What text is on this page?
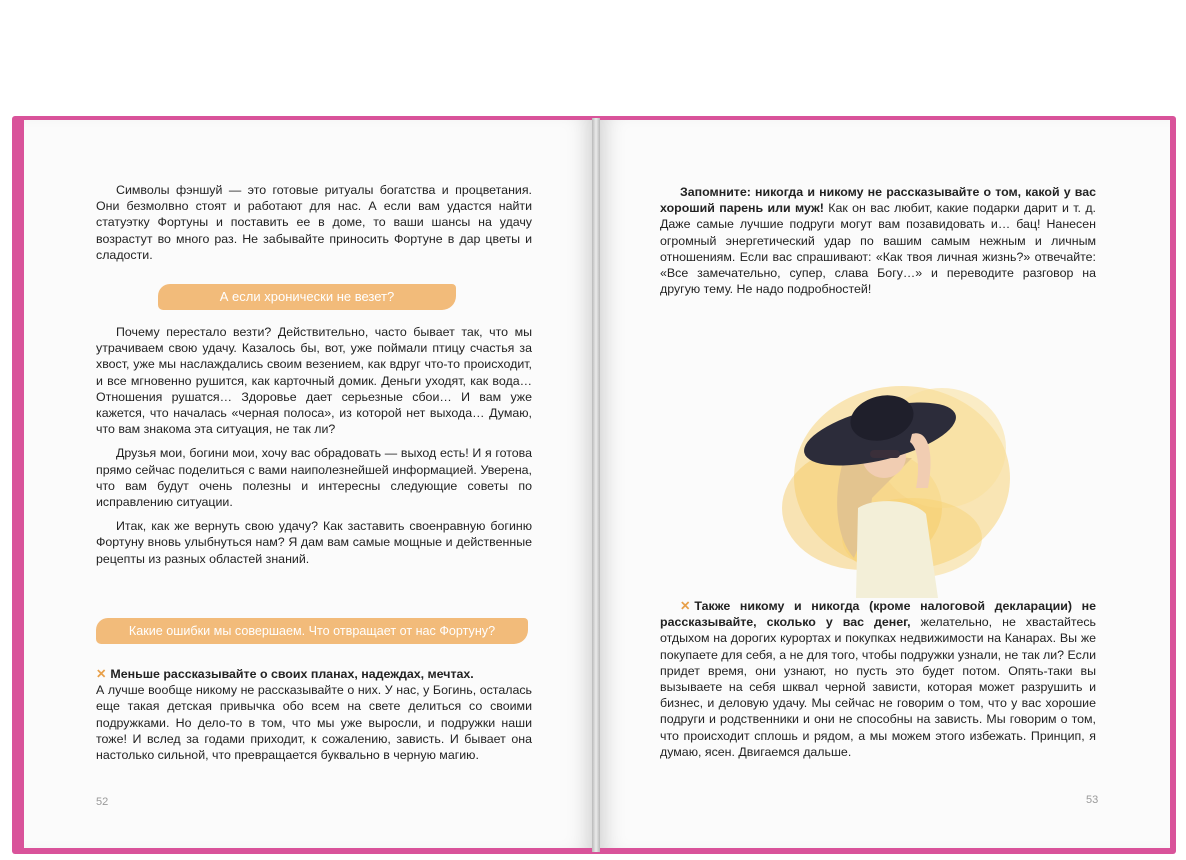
Символы фэншуй — это готовые ритуалы богатства и процветания. Они безмолвно стоят и работают для нас. А если вам удастся найти статуэтку Фортуны и поставить ее в доме, то ваши шансы на удачу возрастут во много раз. Не забывайте приносить Фортуне в дар цветы и сладости.

А если хронически не везет?

Почему перестало везти? Действительно, часто бывает так, что мы утрачиваем свою удачу. Казалось бы, вот, уже поймали птицу счастья за хвост, уже мы наслаждались своим везением, как вдруг что-то происходит, и все мгновенно рушится, как карточный домик. Деньги уходят, как вода… Отношения рушатся… Здоровье дает серьезные сбои… И вам уже кажется, что началась «черная полоса», из которой нет выхода… Думаю, что вам знакома эта ситуация, не так ли?

Друзья мои, богини мои, хочу вас обрадовать — выход есть! И я готова прямо сейчас поделиться с вами наиполезнейшей информацией. Уверена, что вам будут очень полезны и интересны следующие советы по исправлению ситуации.

Итак, как же вернуть свою удачу? Как заставить своенравную богиню Фортуну вновь улыбнуться нам? Я дам вам самые мощные и действенные рецепты из разных областей знаний.

Какие ошибки мы совершаем. Что отвращает от нас Фортуну?

✕ Меньше рассказывайте о своих планах, надеждах, мечтах.
А лучше вообще никому не рассказывайте о них. У нас, у Богинь, осталась еще такая детская привычка обо всем на свете делиться со своими подружками. Но дело-то в том, что мы уже выросли, и подружки наши тоже! И вслед за годами приходит, к сожалению, зависть. И бывает она настолько сильной, что превращается буквально в черную магию.

52

Запомните: никогда и никому не рассказывайте о том, какой у вас хороший парень или муж! Как он вас любит, какие подарки дарит и т. д. Даже самые лучшие подруги могут вам позавидовать и… бац! Нанесен огромный энергетический удар по вашим самым нежным и личным отношениям. Если вас спрашивают: «Как твоя личная жизнь?» отвечайте: «Все замечательно, супер, слава Богу…» и переводите разговор на другую тему. Не надо подробностей!

✕ Также никому и никогда (кроме налоговой декларации) не рассказывайте, сколько у вас денег, желательно, не хвастайтесь отдыхом на дорогих курортах и покупках недвижимости на Канарах. Вы же покупаете для себя, а не для того, чтобы подружки узнали, не так ли? Если придет время, они узнают, но пусть это будет потом. Опять-таки вы вызываете на себя шквал черной зависти, которая может разрушить и бизнес, и деловую удачу. Мы сейчас не говорим о том, что у вас хорошие подруги и родственники и они не способны на зависть. Мы говорим о том, что происходит сплошь и рядом, а мы можем этого избежать. Принцип, я думаю, ясен. Двигаемся дальше.

53
